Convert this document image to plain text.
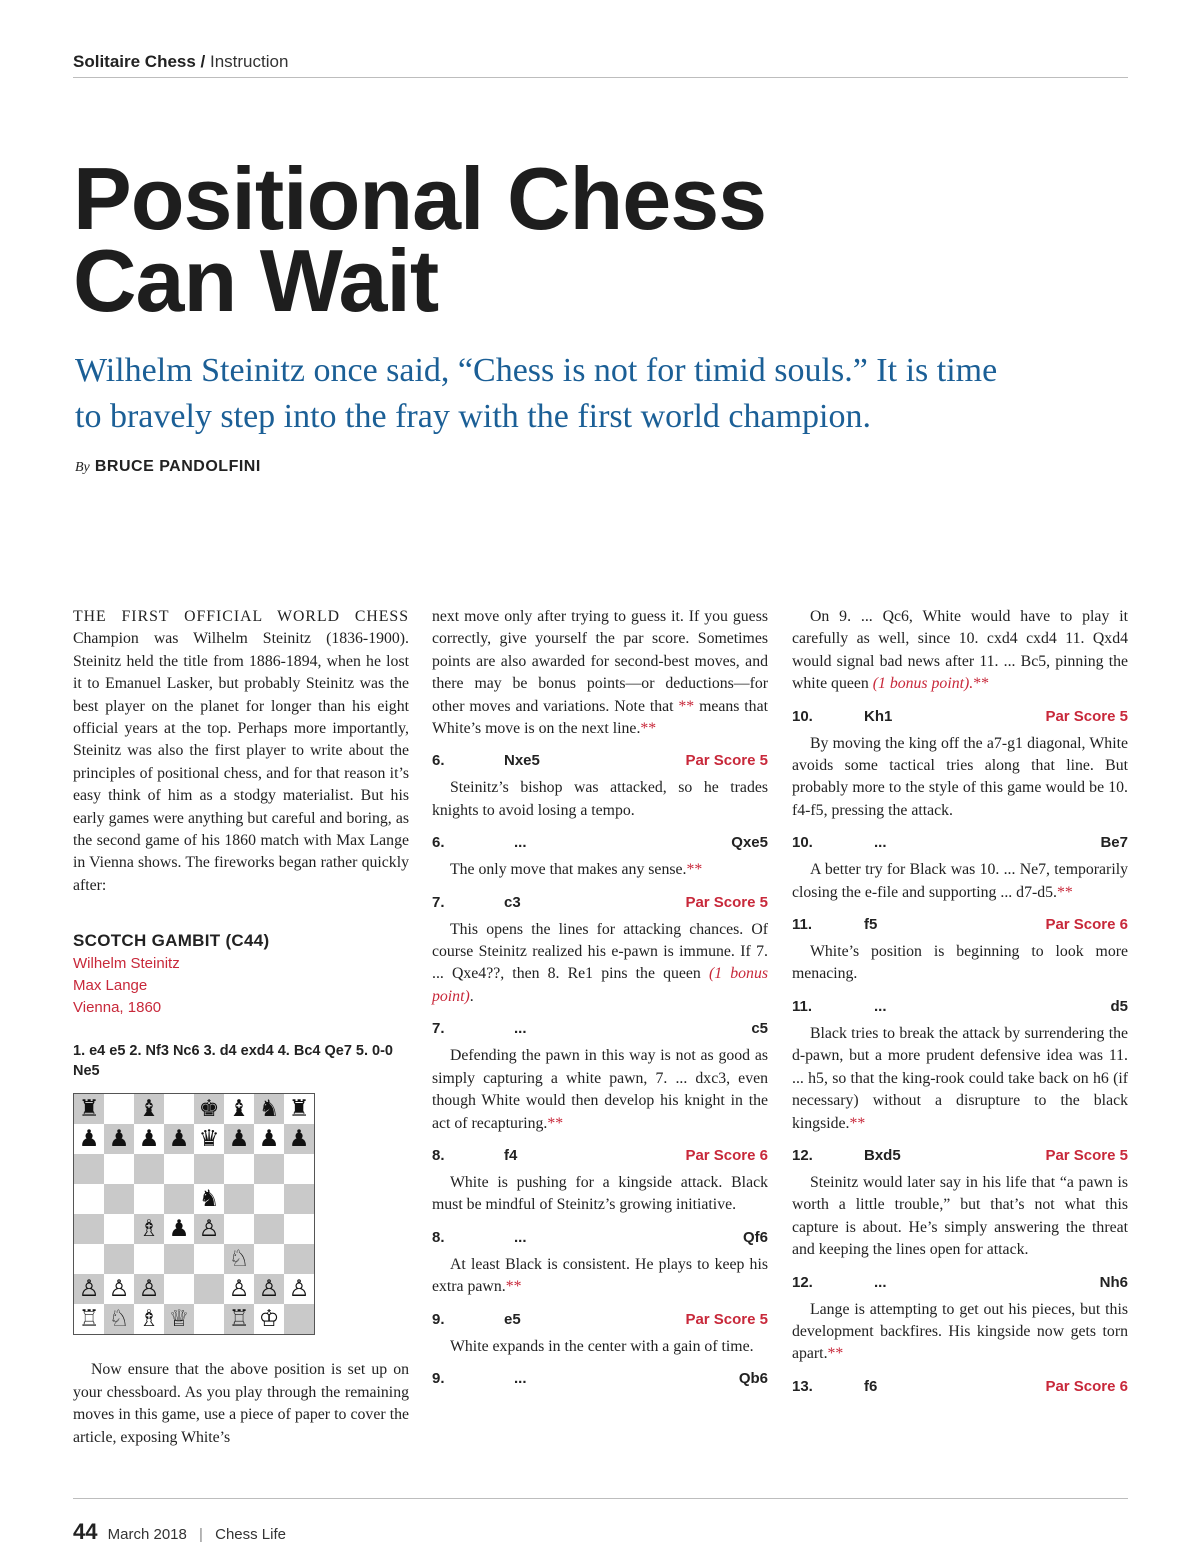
Solitaire Chess / Instruction
Positional Chess
Can Wait
Wilhelm Steinitz once said, “Chess is not for timid souls.” It is time
to bravely step into the fray with the first world champion.
By BRUCE PANDOLFINI

THE FIRST OFFICIAL WORLD CHESS Champion was Wilhelm Steinitz (1836-1900). Steinitz held the title from 1886-1894, when he lost it to Emanuel Lasker, but probably Steinitz was the best player on the planet for longer than his eight official years at the top. Perhaps more importantly, Steinitz was also the first player to write about the principles of positional chess, and for that reason it’s easy think of him as a stodgy materialist. But his early games were anything but careful and boring, as the second game of his 1860 match with Max Lange in Vienna shows. The fireworks began rather quickly after:

SCOTCH GAMBIT (C44)
Wilhelm Steinitz
Max Lange
Vienna, 1860
1. e4 e5 2. Nf3 Nc6 3. d4 exd4 4. Bc4 Qe7 5. 0-0 Ne5
♜ ♝ ♚ ♝ ♞ ♜
♟ ♟ ♟ ♟ ♛ ♟ ♟ ♟
♞
♗ ♟ ♙
♘
♙ ♙ ♙	♙ ♙ ♙
♖ ♘ ♗ ♕ ♖ ♔

Now ensure that the above position is set up on your chessboard. As you play through the remaining moves in this game, use a piece of paper to cover the article, exposing White’s

next move only after trying to guess it. If you guess correctly, give yourself the par score. Sometimes points are also awarded for second-best moves, and there may be bonus points—or deductions—for other moves and variations. Note that ** means that White’s move is on the next line.**

6.	Nxe5	Par Score 5

Steinitz’s bishop was attacked, so he trades knights to avoid losing a tempo.

6.	...	Qxe5

The only move that makes any sense.**

7.	c3	Par Score 5

This opens the lines for attacking chances. Of course Steinitz realized his e-pawn is immune. If 7. ... Qxe4??, then 8. Re1 pins the queen (1 bonus point).

7.	...	c5

Defending the pawn in this way is not as good as simply capturing a white pawn, 7. ... dxc3, even though White would then develop his knight in the act of recapturing.**

8.	f4	Par Score 6

White is pushing for a kingside attack. Black must be mindful of Steinitz’s growing initiative.

8.	...	Qf6

At least Black is consistent. He plays to keep his extra pawn.**

9.	e5	Par Score 5

White expands in the center with a gain of time.

9.	...	Qb6

On 9. ... Qc6, White would have to play it carefully as well, since 10. cxd4 cxd4 11. Qxd4 would signal bad news after 11. ... Bc5, pinning the white queen (1 bonus point).**

10.	Kh1	Par Score 5

By moving the king off the a7-g1 diagonal, White avoids some tactical tries along that line. But probably more to the style of this game would be 10. f4-f5, pressing the attack.

10.	...	Be7

A better try for Black was 10. ... Ne7, temporarily closing the e-file and supporting ... d7-d5.**

11.	f5	Par Score 6

White’s position is beginning to look more menacing.

11.	...	d5

Black tries to break the attack by surrendering the d-pawn, but a more prudent defensive idea was 11. ... h5, so that the king-rook could take back on h6 (if necessary) without a disrupture to the black kingside.**

12.	Bxd5	Par Score 5

Steinitz would later say in his life that “a pawn is worth a little trouble,” but that’s not what this capture is about. He’s simply answering the threat and keeping the lines open for attack.

12.	...	Nh6

Lange is attempting to get out his pieces, but this development backfires. His kingside now gets torn apart.**

13.	f6	Par Score 6
44 March 2018 | Chess Life
